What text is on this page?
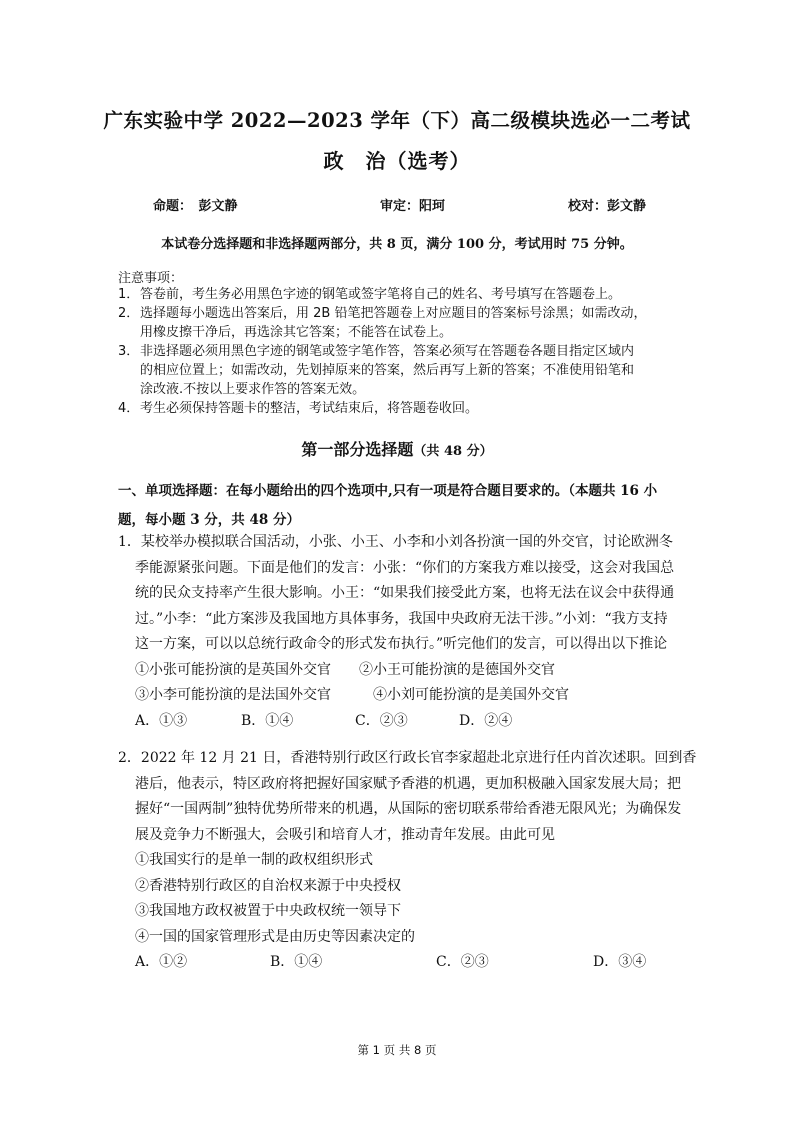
广东实验中学 2022—2023 学年（下）高二级模块选必一二考试
政　治（选考）
命题：　彭文静	审定：阳珂	校对：彭文静
本试卷分选择题和非选择题两部分，共 8 页，满分 100 分，考试用时 75 分钟。
注意事项：
1．答卷前，考生务必用黑色字迹的钢笔或签字笔将自己的姓名、考号填写在答题卷上。
2．选择题每小题选出答案后，用 2B 铅笔把答题卷上对应题目的答案标号涂黑；如需改动，
用橡皮擦干净后，再选涂其它答案；不能答在试卷上。
3．非选择题必须用黑色字迹的钢笔或签字笔作答，答案必须写在答题卷各题目指定区域内
的相应位置上；如需改动，先划掉原来的答案，然后再写上新的答案；不准使用铅笔和
涂改液.不按以上要求作答的答案无效。
4．考生必须保持答题卡的整洁，考试结束后，将答题卷收回。
第一部分选择题（共 48 分）
一、单项选择题：在每小题给出的四个选项中,只有一项是符合题目要求的。（本题共 16 小题，每小题 3 分，共 48 分）
1．某校举办模拟联合国活动，小张、小王、小李和小刘各扮演一国的外交官，讨论欧洲冬
季能源紧张问题。下面是他们的发言：小张：“你们的方案我方难以接受，这会对我国总
统的民众支持率产生很大影响。小王：“如果我们接受此方案，也将无法在议会中获得通
过。”小李：“此方案涉及我国地方具体事务，我国中央政府无法干涉。”小刘：“我方支持
这一方案，可以以总统行政命令的形式发布执行。”听完他们的发言，可以得出以下推论
①小张可能扮演的是英国外交官　　②小王可能扮演的是德国外交官
③小李可能扮演的是法国外交官　　　④小刘可能扮演的是美国外交官
A．①③	B．①④	C．②③	D．②④
2．2022 年 12 月 21 日，香港特别行政区行政长官李家超赴北京进行任内首次述职。回到香
港后，他表示，特区政府将把握好国家赋予香港的机遇，更加积极融入国家发展大局；把
握好“一国两制”独特优势所带来的机遇，从国际的密切联系带给香港无限风光；为确保发
展及竞争力不断强大，会吸引和培育人才，推动青年发展。由此可见
①我国实行的是单一制的政权组织形式
②香港特别行政区的自治权来源于中央授权
③我国地方政权被置于中央政权统一领导下
④一国的国家管理形式是由历史等因素决定的
A．①②	B．①④	C．②③	D．③④
第 1 页 共 8 页
